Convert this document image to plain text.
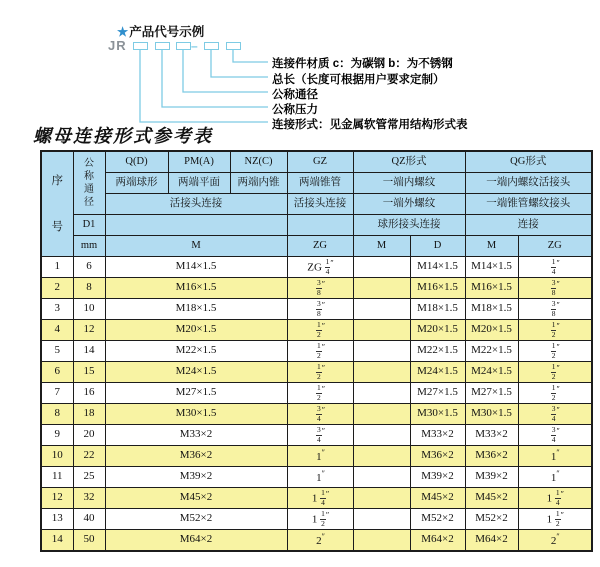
★产品代号示例
JR	–
连接件材质 c：为碳钢 b：为不锈钢
总长（长度可根据用户要求定制）
公称通径
公称压力
连接形式：见金属软管常用结构形式表
螺母连接形式参考表
序号	公称通径	Q(D)	PM(A)	NZ(C)	GZ	QZ形式		QG形式	
		两端球形	两端平面	两端内锥	两端锥管	一端内螺纹		一端内螺纹活接头	
		活接头连接			活接头连接	一端外螺纹		一端锥管螺纹接头	
	D1					球形接头连接		连接	
	mm	M			ZG	M	D	M	ZG
1	6	M14×1.5			ZG $\frac{1}{4} ''$		M14×1.5	M14×1.5	$\frac{1}{4} ''$
2	8	M16×1.5			$\frac{3}{8} ''$		M16×1.5	M16×1.5	$\frac{3}{8} ''$
3	10	M18×1.5			$\frac{3}{8} ''$		M18×1.5	M18×1.5	$\frac{3}{8} ''$
4	12	M20×1.5			$\frac{1}{2} ''$		M20×1.5	M20×1.5	$\frac{1}{2} ''$
5	14	M22×1.5			$\frac{1}{2} ''$		M22×1.5	M22×1.5	$\frac{1}{2} ''$
6	15	M24×1.5			$\frac{1}{2} ''$		M24×1.5	M24×1.5	$\frac{1}{2} ''$
7	16	M27×1.5			$\frac{1}{2} ''$		M27×1.5	M27×1.5	$\frac{1}{2} ''$
8	18	M30×1.5			$\frac{3}{4} ''$		M30×1.5	M30×1.5	$\frac{3}{4} ''$
9	20	M33×2			$\frac{3}{4} ''$		M33×2	M33×2	$\frac{3}{4} ''$
10	22	M36×2			1″		M36×2	M36×2	1″
11	25	M39×2			1″		M39×2	M39×2	1″
12	32	M45×2			$1 \frac{1}{4} ''$		M45×2	M45×2	$1 \frac{1}{4} ''$
13	40	M52×2			$1 \frac{1}{2} ''$		M52×2	M52×2	$1 \frac{1}{2} ''$
14	50	M64×2			2″		M64×2	M64×2	2″
